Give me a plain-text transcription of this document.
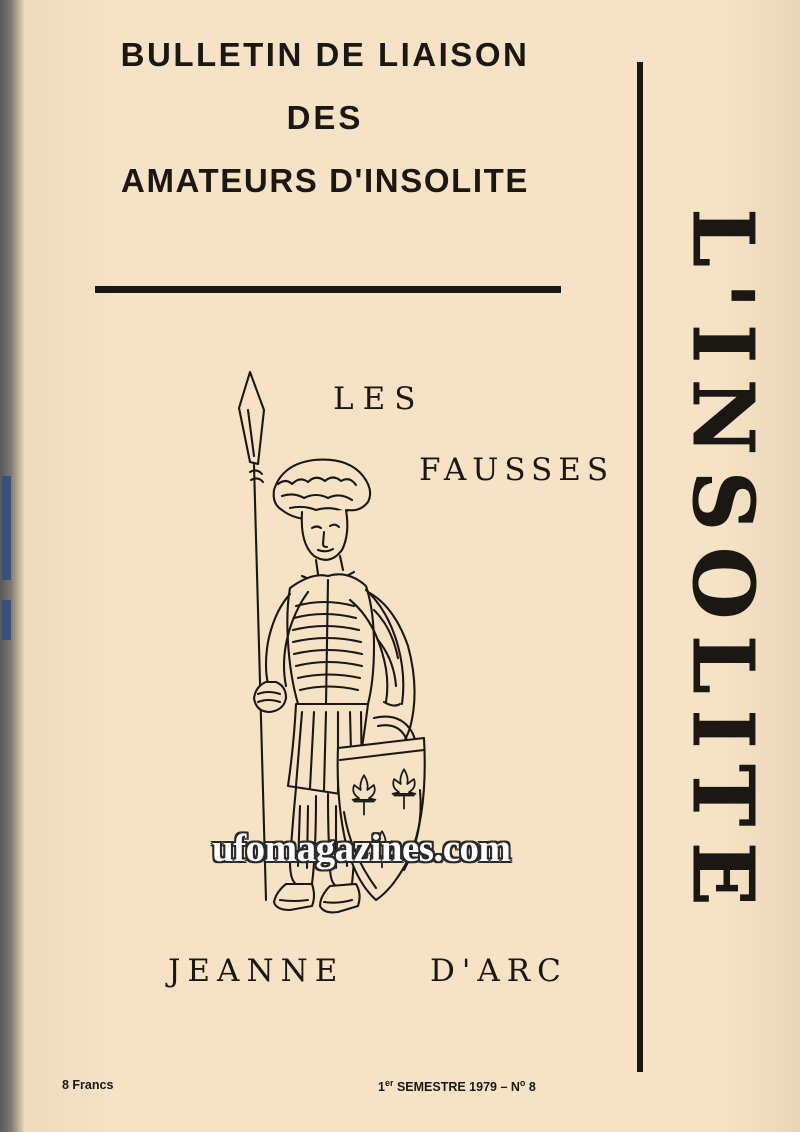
BULLETIN DE LIAISON
DES
AMATEURS D'INSOLITE
L'INSOLITE
LES
FAUSSES
JEANNE	D'ARC
ufomagazines.com
8 Francs	1er SEMESTRE $1979 - N^o$ 8
